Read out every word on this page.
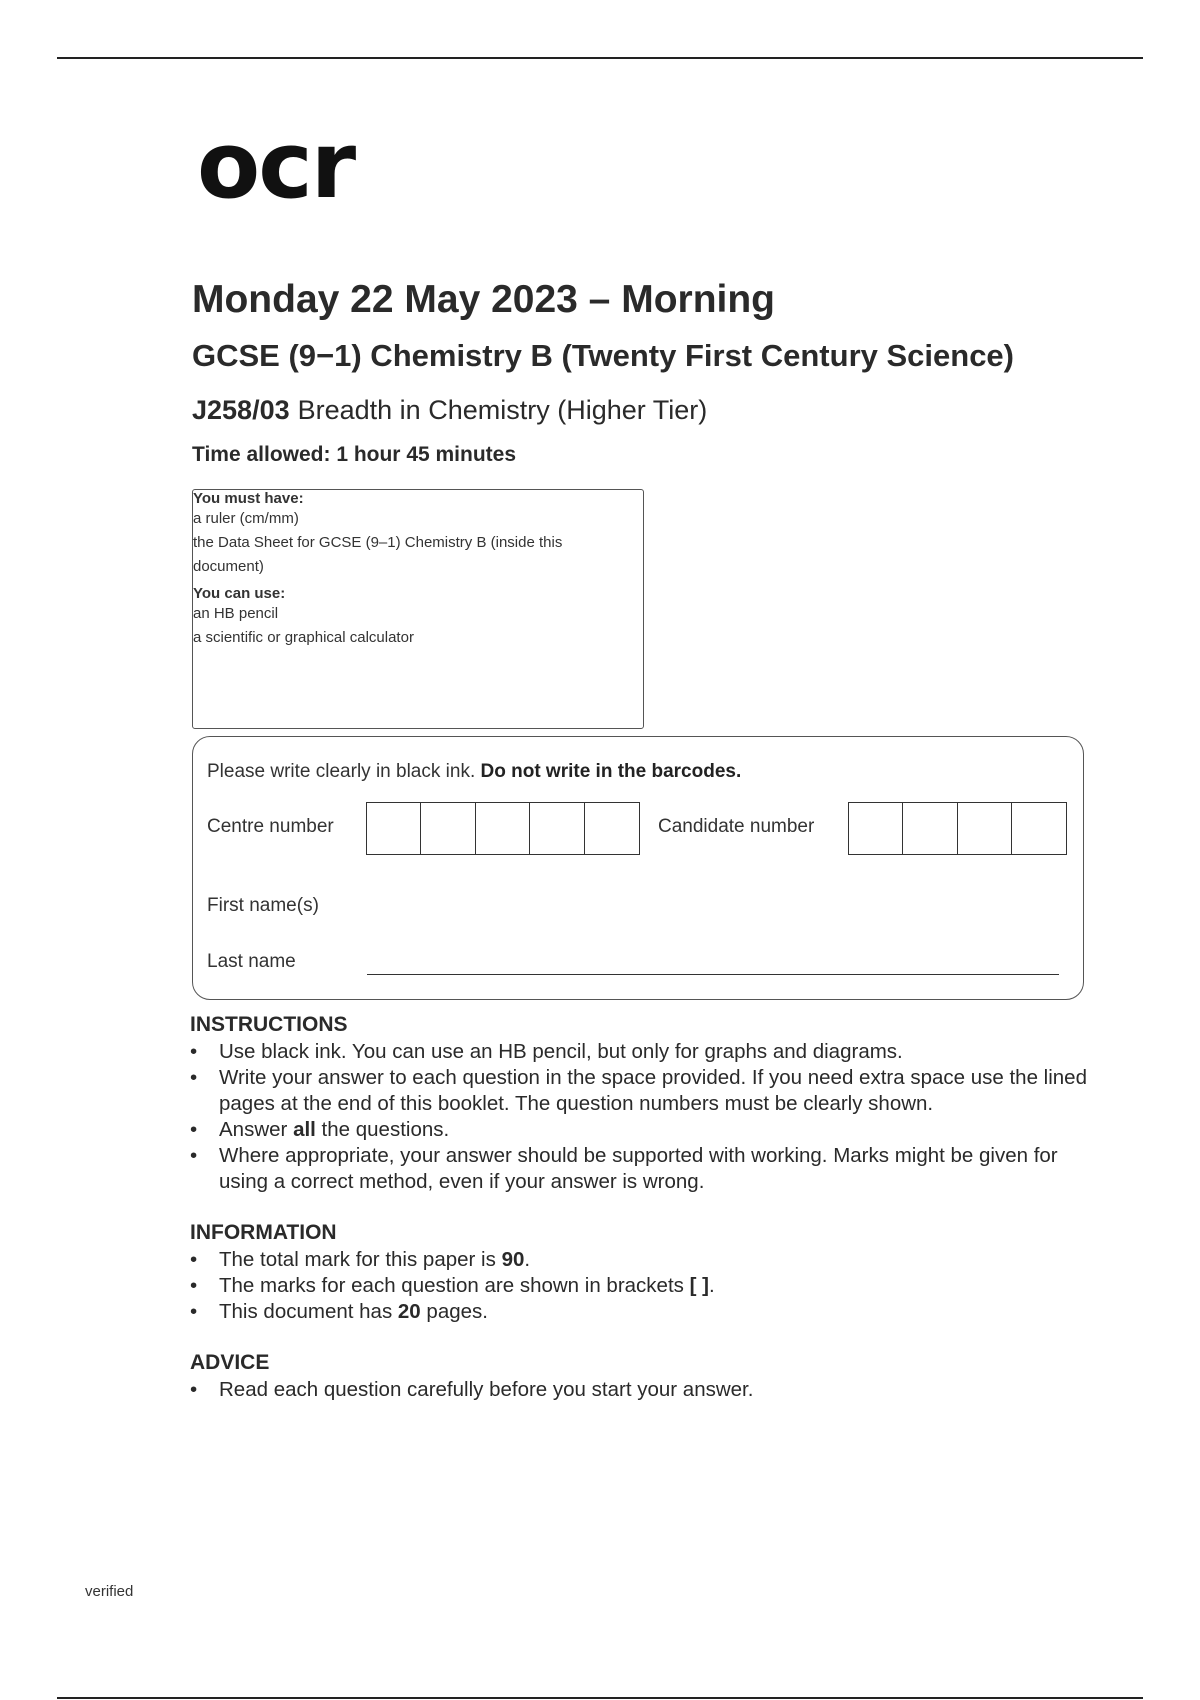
ocr
Monday 22 May 2023 – Morning
GCSE (9−1) Chemistry B (Twenty First Century Science)
J258/03 Breadth in Chemistry (Higher Tier)
Time allowed: 1 hour 45 minutes
You must have:
a ruler (cm/mm)
the Data Sheet for GCSE (9–1) Chemistry B (inside this
document)
You can use:
an HB pencil
a scientific or graphical calculator
Please write clearly in black ink. Do not write in the barcodes.
Centre number	Candidate number
First name(s)
Last name
INSTRUCTIONS
• Use black ink. You can use an HB pencil, but only for graphs and diagrams.
• Write your answer to each question in the space provided. If you need extra space use the lined pages at the end of this booklet. The question numbers must be clearly shown.
• Answer all the questions.
• Where appropriate, your answer should be supported with working. Marks might be given for using a correct method, even if your answer is wrong.
INFORMATION
• The total mark for this paper is 90.
• The marks for each question are shown in brackets [ ].
• This document has 20 pages.
ADVICE
• Read each question carefully before you start your answer.
verified
